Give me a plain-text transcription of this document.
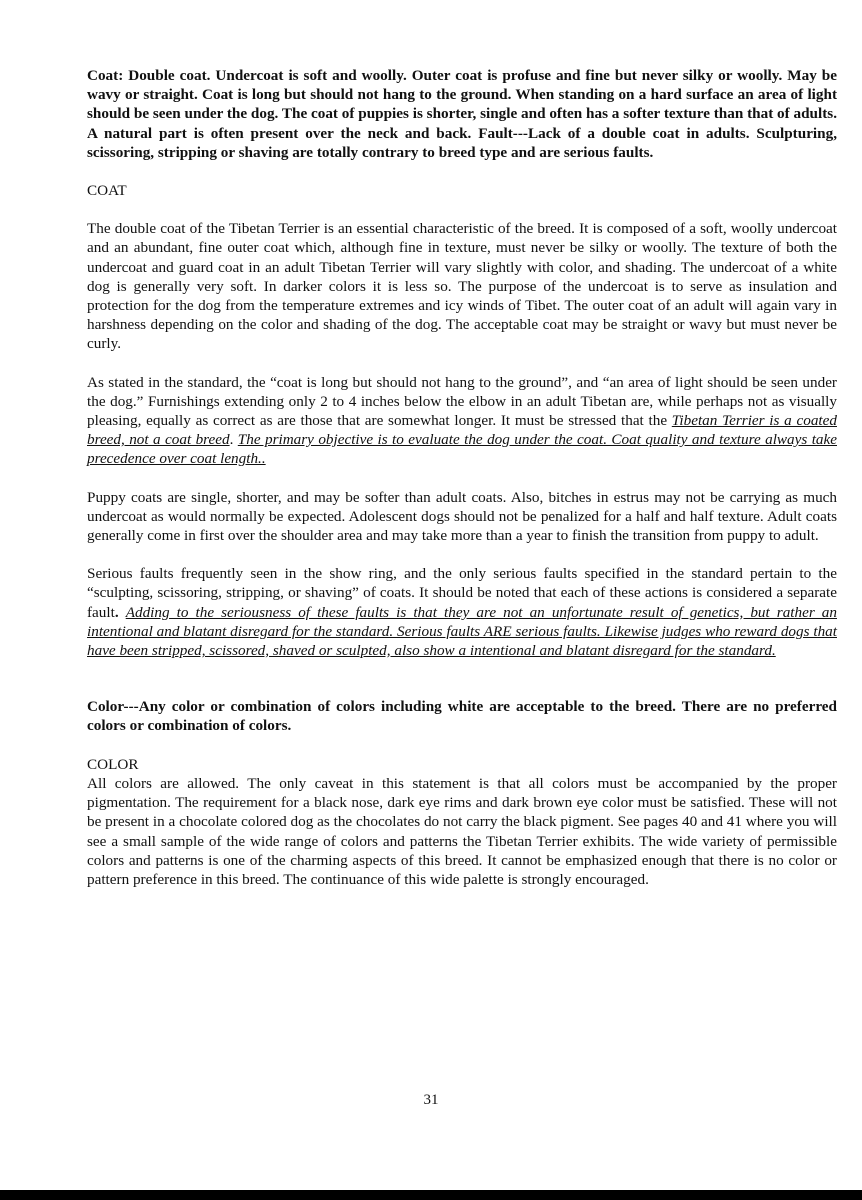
Coat: Double coat. Undercoat is soft and woolly. Outer coat is profuse and fine but never silky or woolly. May be wavy or straight. Coat is long but should not hang to the ground. When standing on a hard surface an area of light should be seen under the dog. The coat of puppies is shorter, single and often has a softer texture than that of adults. A natural part is often present over the neck and back. Fault---Lack of a double coat in adults. Sculpturing, scissoring, stripping or shaving are totally contrary to breed type and are serious faults.

COAT

The double coat of the Tibetan Terrier is an essential characteristic of the breed. It is composed of a soft, woolly undercoat and an abundant, fine outer coat which, although fine in texture, must never be silky or woolly. The texture of both the undercoat and guard coat in an adult Tibetan Terrier will vary slightly with color, and shading. The undercoat of a white dog is generally very soft. In darker colors it is less so. The purpose of the undercoat is to serve as insulation and protection for the dog from the temperature extremes and icy winds of Tibet. The outer coat of an adult will again vary in harshness depending on the color and shading of the dog. The acceptable coat may be straight or wavy but must never be curly.

As stated in the standard, the “coat is long but should not hang to the ground”, and “an area of light should be seen under the dog.” Furnishings extending only 2 to 4 inches below the elbow in an adult Tibetan are, while perhaps not as visually pleasing, equally as correct as are those that are somewhat longer. It must be stressed that the Tibetan Terrier is a coated breed, not a coat breed. The primary objective is to evaluate the dog under the coat. Coat quality and texture always take precedence over coat length..

Puppy coats are single, shorter, and may be softer than adult coats. Also, bitches in estrus may not be carrying as much undercoat as would normally be expected. Adolescent dogs should not be penalized for a half and half texture. Adult coats generally come in first over the shoulder area and may take more than a year to finish the transition from puppy to adult.

Serious faults frequently seen in the show ring, and the only serious faults specified in the standard pertain to the “sculpting, scissoring, stripping, or shaving” of coats. It should be noted that each of these actions is considered a separate fault. Adding to the seriousness of these faults is that they are not an unfortunate result of genetics, but rather an intentional and blatant disregard for the standard. Serious faults ARE serious faults. Likewise judges who reward dogs that have been stripped, scissored, shaved or sculpted, also show a intentional and blatant disregard for the standard.

Color---Any color or combination of colors including white are acceptable to the breed. There are no preferred colors or combination of colors.

COLOR

All colors are allowed. The only caveat in this statement is that all colors must be accompanied by the proper pigmentation. The requirement for a black nose, dark eye rims and dark brown eye color must be satisfied. These will not be present in a chocolate colored dog as the chocolates do not carry the black pigment. See pages 40 and 41 where you will see a small sample of the wide range of colors and patterns the Tibetan Terrier exhibits. The wide variety of permissible colors and patterns is one of the charming aspects of this breed. It cannot be emphasized enough that there is no color or pattern preference in this breed. The continuance of this wide palette is strongly encouraged.

31
